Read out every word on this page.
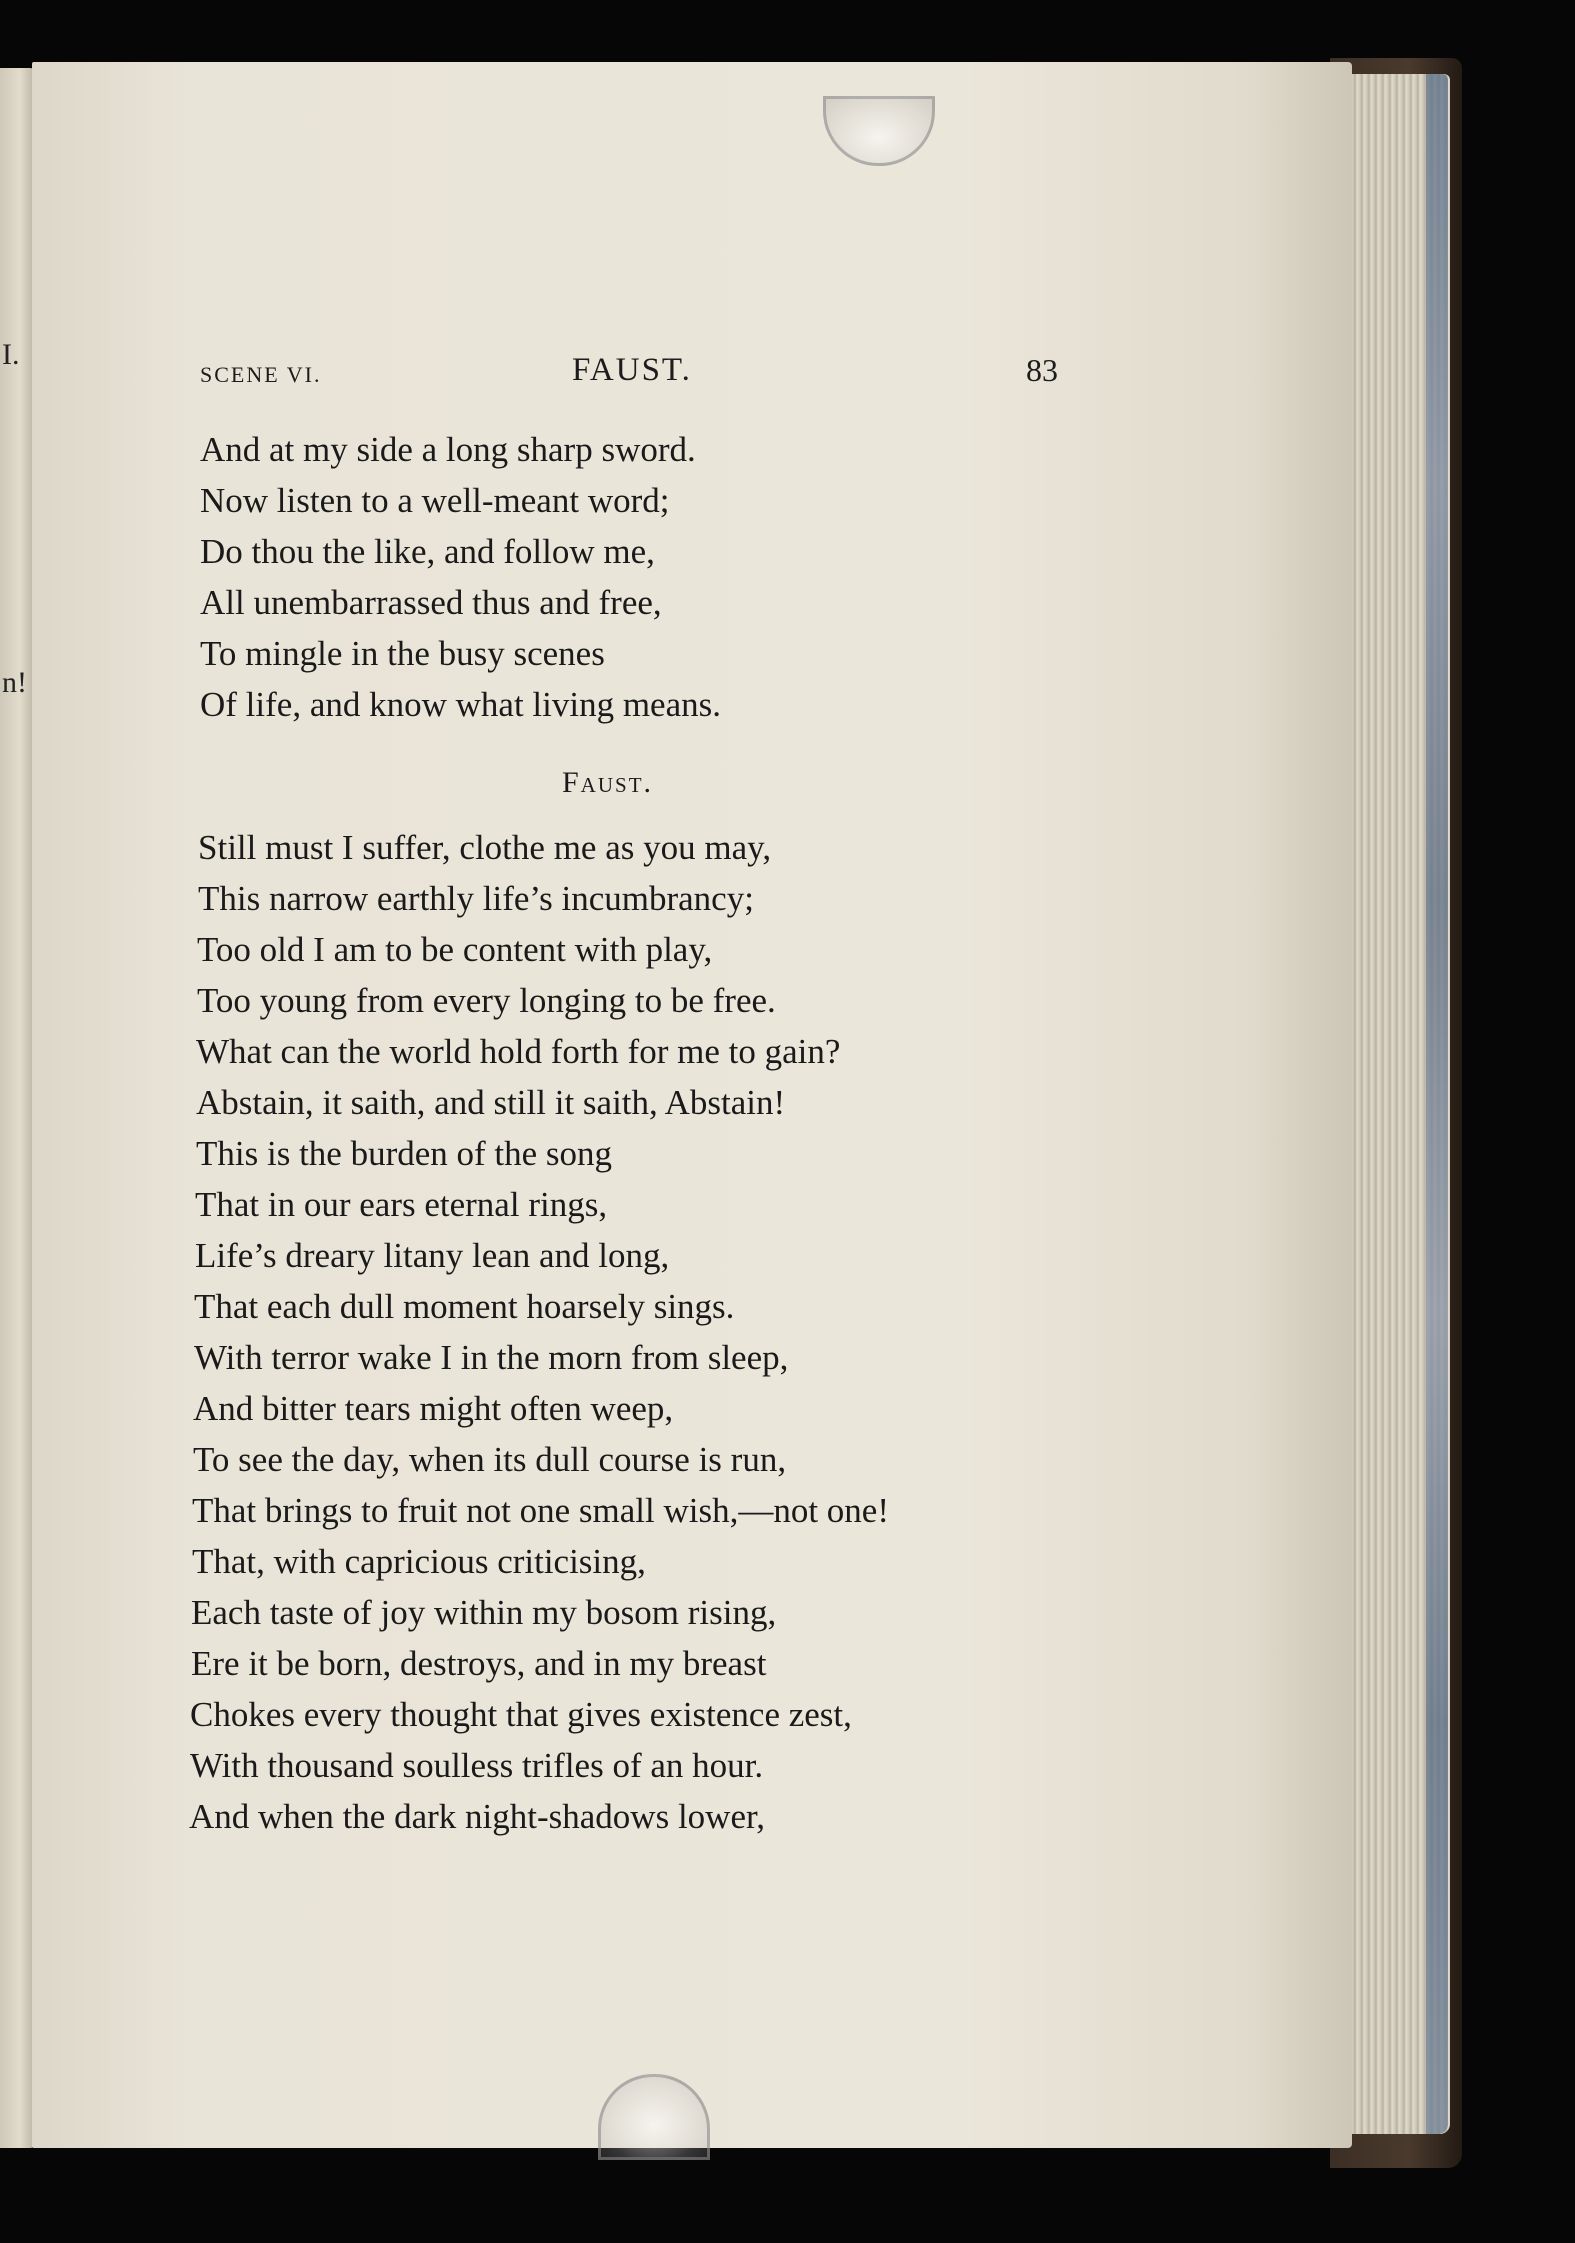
I.
n!
SCENE VI.	FAUST.	83
And at my side a long sharp sword.
Now listen to a well-meant word;
Do thou the like, and follow me,
All unembarrassed thus and free,
To mingle in the busy scenes
Of life, and know what living means.
Faust.
Still must I suffer, clothe me as you may,
This narrow earthly life’s incumbrancy;
Too old I am to be content with play,
Too young from every longing to be free.
What can the world hold forth for me to gain?
Abstain, it saith, and still it saith, Abstain!
This is the burden of the song
That in our ears eternal rings,
Life’s dreary litany lean and long,
That each dull moment hoarsely sings.
With terror wake I in the morn from sleep,
And bitter tears might often weep,
To see the day, when its dull course is run,
That brings to fruit not one small wish,—not one!
That, with capricious criticising,
Each taste of joy within my bosom rising,
Ere it be born, destroys, and in my breast
Chokes every thought that gives existence zest,
With thousand soulless trifles of an hour.
And when the dark night-shadows lower,
